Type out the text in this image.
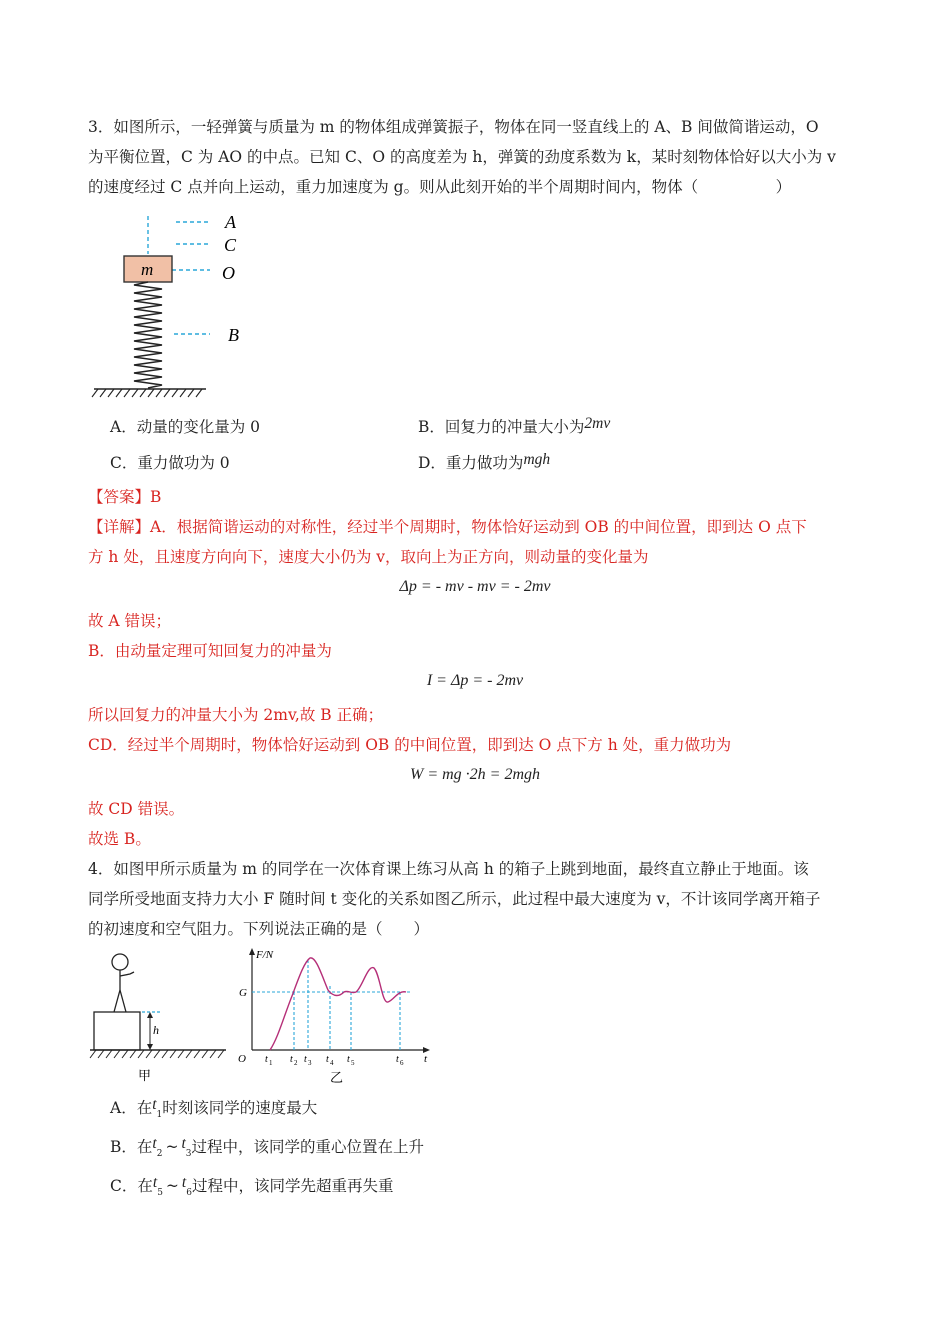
3．如图所示，一轻弹簧与质量为 m 的物体组成弹簧振子，物体在同一竖直线上的 A、B 间做简谐运动，O
为平衡位置，C 为 AO 的中点。已知 C、O 的高度差为 h，弹簧的劲度系数为 k，某时刻物体恰好以大小为 v
的速度经过 C 点并向上运动，重力加速度为 g。则从此刻开始的半个周期时间内，物体（　　　　　）
A
C
O
B
m
A．动量的变化量为 0	B．回复力的冲量大小为2mv
C．重力做功为 0	D．重力做功为mgh
【答案】B
【详解】A．根据简谐运动的对称性，经过半个周期时，物体恰好运动到 OB 的中间位置，即到达 O 点下
方 h 处，且速度方向向下，速度大小仍为 v，取向上为正方向，则动量的变化量为
Δp = - mv - mv = - 2mv
故 A 错误；
B．由动量定理可知回复力的冲量为
I = Δp = - 2mv
所以回复力的冲量大小为 2mv,故 B 正确；
CD．经过半个周期时，物体恰好运动到 OB 的中间位置，即到达 O 点下方 h 处，重力做功为
W = mg ·2h = 2mgh
故 CD 错误。
故选 B。
4．如图甲所示质量为 m 的同学在一次体育课上练习从高 h 的箱子上跳到地面，最终直立静止于地面。该
同学所受地面支持力大小 F 随时间 t 变化的关系如图乙所示，此过程中最大速度为 v，不计该同学离开箱子
的初速度和空气阻力。下列说法正确的是（　　）
h
甲
F/N
G
O	t
t 1 t 2 t 3 t 4 t 5	t 6
乙
A．在$t_1$时刻该同学的速度最大
B．在$t_2$ ~ $t_3$过程中，该同学的重心位置在上升
C．在$t_5$ ~ $t_6$过程中，该同学先超重再失重
